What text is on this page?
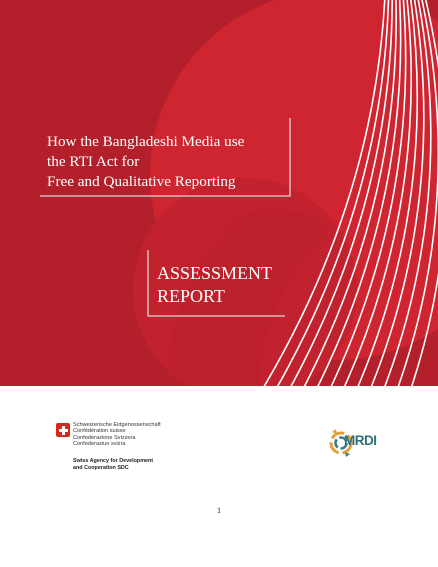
How the Bangladeshi Media use
the RTI Act for
Free and Qualitative Reporting
ASSESSMENT
REPORT
Schweizerische Eidgenossenschaft
Confédération suisse
Confederazione Svizzera
Confederaziun svizra
Swiss Agency for Development
and Cooperation SDC
MRDI
1
